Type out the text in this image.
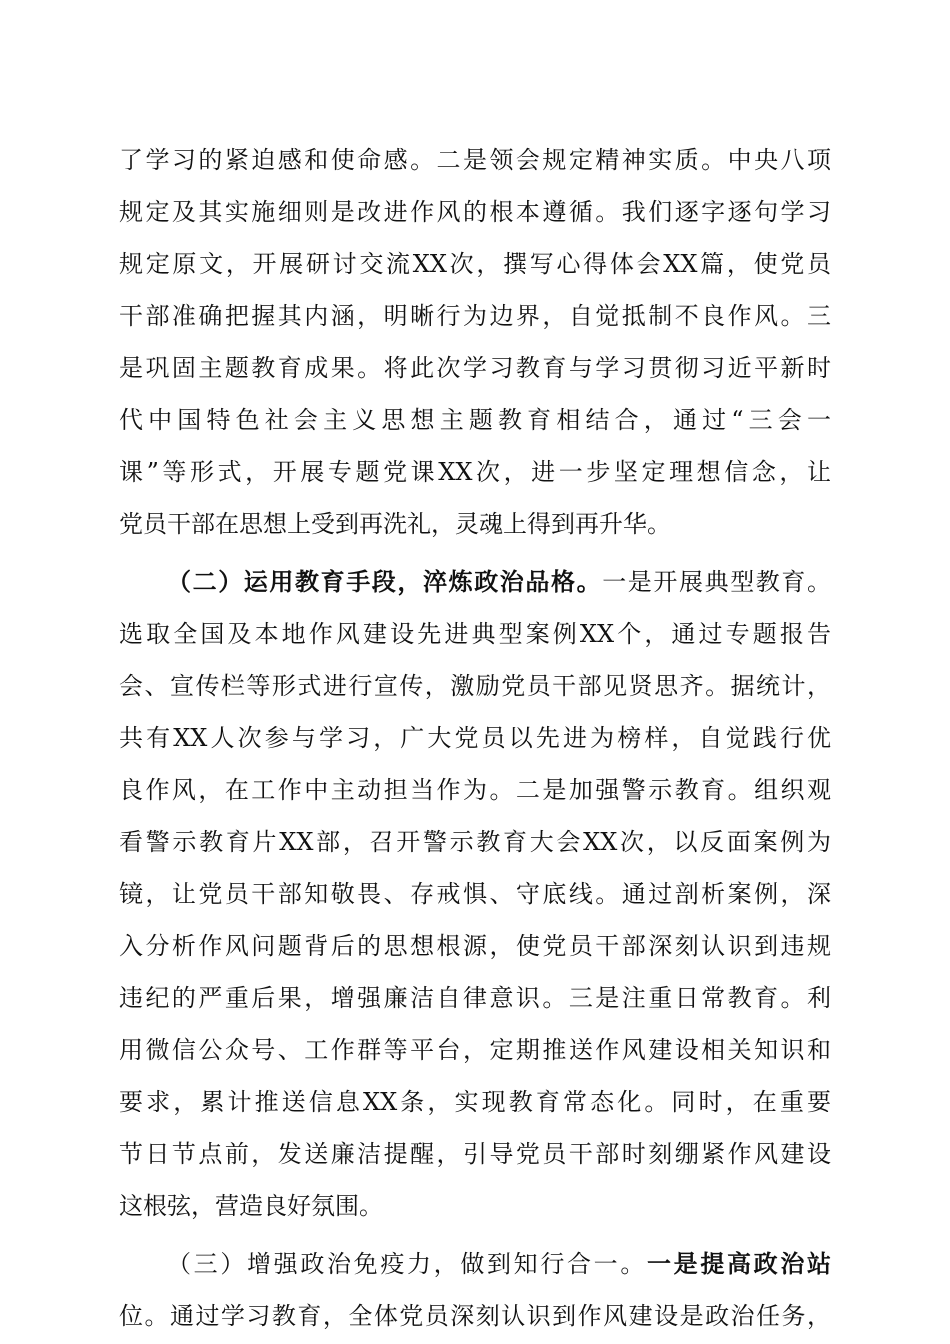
了学习的紧迫感和使命感。二是领会规定精神实质。中央八项
规定及其实施细则是改进作风的根本遵循。我们逐字逐句学习
规定原文，开展研讨交流XX次，撰写心得体会XX篇，使党员
干部准确把握其内涵，明晰行为边界，自觉抵制不良作风。三
是巩固主题教育成果。将此次学习教育与学习贯彻习近平新时
代中国特色社会主义思想主题教育相结合，通过“三会一
课”等形式，开展专题党课XX次，进一步坚定理想信念，让
党员干部在思想上受到再洗礼，灵魂上得到再升华。
（二）运用教育手段，淬炼政治品格。一是开展典型教育。
选取全国及本地作风建设先进典型案例XX个，通过专题报告
会、宣传栏等形式进行宣传，激励党员干部见贤思齐。据统计，
共有XX人次参与学习，广大党员以先进为榜样，自觉践行优
良作风，在工作中主动担当作为。二是加强警示教育。组织观
看警示教育片XX部，召开警示教育大会XX次，以反面案例为
镜，让党员干部知敬畏、存戒惧、守底线。通过剖析案例，深
入分析作风问题背后的思想根源，使党员干部深刻认识到违规
违纪的严重后果，增强廉洁自律意识。三是注重日常教育。利
用微信公众号、工作群等平台，定期推送作风建设相关知识和
要求，累计推送信息XX条，实现教育常态化。同时，在重要
节日节点前，发送廉洁提醒，引导党员干部时刻绷紧作风建设
这根弦，营造良好氛围。
（三）增强政治免疫力，做到知行合一。一是提高政治站
位。通过学习教育，全体党员深刻认识到作风建设是政治任务，
